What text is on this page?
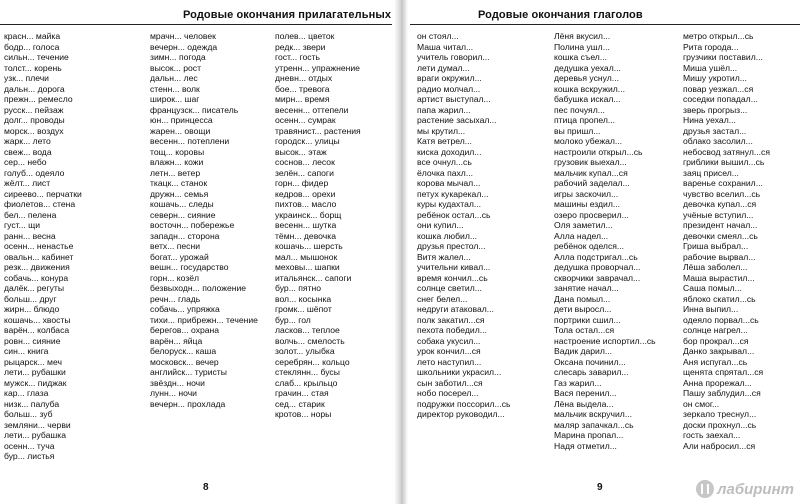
Родовые окончания прилагательных
красн... майка
бодр... голоса
сильн... течение
толст... корень
узк... плечи
дальн... дорога
прежн... ремесло
русск... пейзаж
долг... проводы
морск... воздух
жарк... лето
свеж... вода
сер... небо
голуб... одеяло
жёлт... лист
сиреево... перчатки
фиолетов... стена
бел... пелена
густ... щи
ранн... весна
осенн... ненастье
овальн... кабинет
резк... движения
собачь... конура
далёк... регуты
больш... друг
жирн... блюдо
кошачь... хвосты
варён... колбаса
ровн... сияние
син... книга
рыцарск... меч
лети... рубашки
мужск... пиджак
кар... глаза
низк... палуба
больш... зуб
земляни... черви
лети... рубашка
осенн... туча
бур... листья
мрачн... человек
вечерн... одежда
зимн... погода
высок... рост
дальн... лес
стенн... волк
широк... шаг
французск... писатель
юн... принцесса
жарен... овощи
весенн... потеплени
тощ... коровы
влажн... кожи
летн... ветер
ткацк... станок
дружн... семья
кошачь... следы
северн... сияние
восточн... побережье
западн... сторона
ветх... песни
богат... урожай
вешн... государство
горн... козёл
безвыходн... положение
речн... гладь
собачь... упряжка
тихи... прибрежн... течение
берегов... охрана
варён... яйца
белоруск... каша
московск... вечер
английск... туристы
звёздн... ночи
лунн... ночи
вечерн... прохлада
полев... цветок
редк... звери
гост... гость
утренн... упражнение
дневн... отдых
бое... тревога
мирн... время
весенн... оттепели
осенн... сумрак
травянист... растения
городск... улицы
высок... этаж
соснов... лесок
зелён... сапоги
горн... фидер
кедров... орехи
пихтов... масло
украинск... борщ
весенн... шутка
тёмн... девочка
кошачь... шерсть
мал... мышонок
меховы... шапки
итальянск... сапоги
бур... пятно
вол... косынка
громк... шёпот
бур... гол
ласков... теплое
волчь... смелость
золот... улыбка
серебрян... кольцо
стеклянн... бусы
слаб... крыльцо
грачин... стая
сед... старик
кротов... норы
8
Родовые окончания глаголов
он стоял...
Маша читал...
учитель говорил...
лети думал...
враги окружил...
радио молчал...
артист выступал...
папа жарил...
растение засыхал...
мы крутил...
Катя ветрел...
киска доходил...
все очнул...сь
ёлочка пахл...
корова мычал...
петух кукарекал...
куры кудахтал...
ребёнок остал...сь
они купил...
кошка любил...
друзья престол...
Витя жалел...
учительни кивал...
время кончил...сь
солнце светил...
снег белел...
недруги атаковал...
полк закатил...ся
пехота победил...
собака укусил...
урок кончил...ся
лето наступил...
школьники украсил...
сын заботил...ся
нобо посерел...
подружки поссорил...сь
директор руководил...
Лёня вкусил...
Полина ушл...
кошка съел...
дедушка уехал...
деревья уснул...
кошка вскружил...
бабушка искал...
пес почуял...
птица пропел...
вы пришл...
молоко убежал...
настроили открыл...сь
грузовик выехал...
мальчик купал...ся
рабочий заделал...
игры заскочил...
машины ездил...
озеро просверил...
Оля заметил...
Алла надел...
ребёнок оделся...
Алла подстригал...сь
дедушка проворчал...
скворчики заврачал...
занятие начал...
Дана помыл...
дети выросл...
портрики сшил...
Тола остал...ся
настроение испортил...сь
Вадик дарил...
Оксана починил...
слесарь заварил...
Газ жарил...
Вася перенил...
Лёна выдела...
мальчик вскручил...
маляр запачкал...сь
Марина пропал...
Надя отметил...
метро открыл...сь
Рита города...
грузчики поставил...
Миша ушёл...
Мишу укротил...
повар уезжал...ся
соседки попадал...
зверь прогрыз...
Нина уехал...
друзья застал...
облако засолил...
небосвод затянул...ся
гриблики вышил...сь
заяц присел...
варенье сохранил...
чувство вселил...сь
девочка купал...ся
учёные вступил...
президент начал...
девочки смеял...сь
Гриша выбрал...
рабочие вырвал...
Лёша заболел...
Маша вырастил...
Саша помыл...
яблоко скатил...сь
Инна выпил...
одеяло порвал...сь
солнце нагрел...
бор прокрал...ся
Данко закрывал...
Аня испугал...сь
щенята спрятал...ся
Анна прорежал...
Пашу заблудил...ся
он смог...
зеркало треснул...
доски прохнул...сь
гость заехал...
Али набросил...ся
9	лабиринт
